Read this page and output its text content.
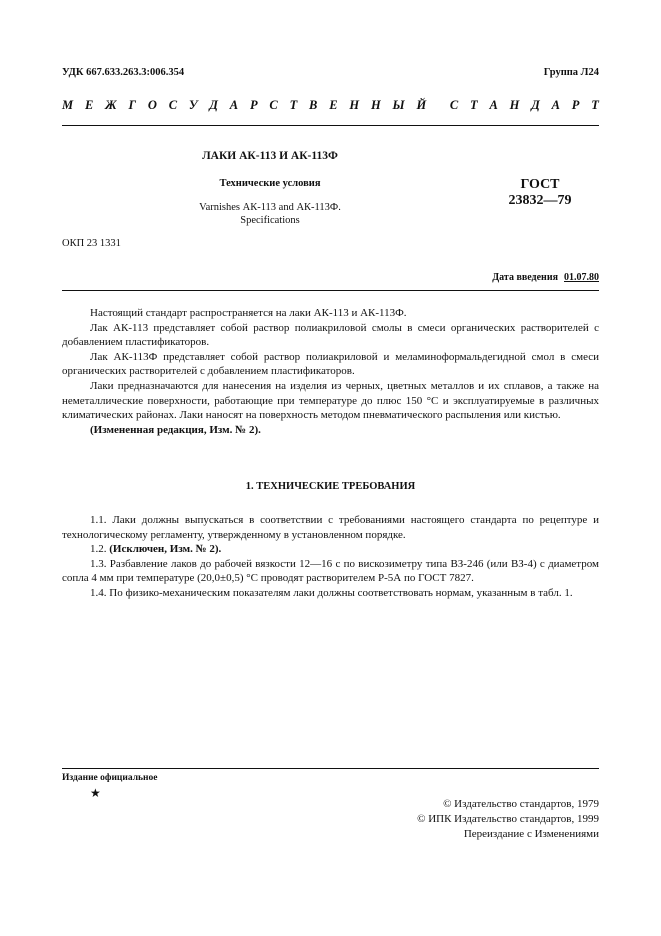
УДК 667.633.263.3:006.354	Группа Л24
М Е Ж Г О С У Д А Р С Т В Е Н Н Ы Й С Т А Н Д А Р Т
ЛАКИ АК-113 И АК-113Ф
Технические условия
Varnishes АК-113 and АК-113Ф.
Specifications
ГОСТ
23832—79
ОКП 23 1331
Дата введения 01.07.80

Настоящий стандарт распространяется на лаки АК-113 и АК-113Ф.

Лак АК-113 представляет собой раствор полиакриловой смолы в смеси органических растворителей с добавлением пластификаторов.

Лак АК-113Ф представляет собой раствор полиакриловой и меламиноформальдегидной смол в смеси органических растворителей с добавлением пластификаторов.

Лаки предназначаются для нанесения на изделия из черных, цветных металлов и их сплавов, а также на неметаллические поверхности, работающие при температуре до плюс 150 °С и эксплуатируемые в различных климатических районах. Лаки наносят на поверхность методом пневматического распыления или кистью.

(Измененная редакция, Изм. № 2).

1. ТЕХНИЧЕСКИЕ ТРЕБОВАНИЯ

1.1. Лаки должны выпускаться в соответствии с требованиями настоящего стандарта по рецептуре и технологическому регламенту, утвержденному в установленном порядке.

1.2. (Исключен, Изм. № 2).

1.3. Разбавление лаков до рабочей вязкости 12—16 с по вискозиметру типа ВЗ-246 (или ВЗ-4) с диаметром сопла 4 мм при температуре (20,0±0,5) °С проводят растворителем Р-5А по ГОСТ 7827.

1.4. По физико-механическим показателям лаки должны соответствовать нормам, указанным в табл. 1.

Издание официальное
★
© Издательство стандартов, 1979
© ИПК Издательство стандартов, 1999
Переиздание с Изменениями
